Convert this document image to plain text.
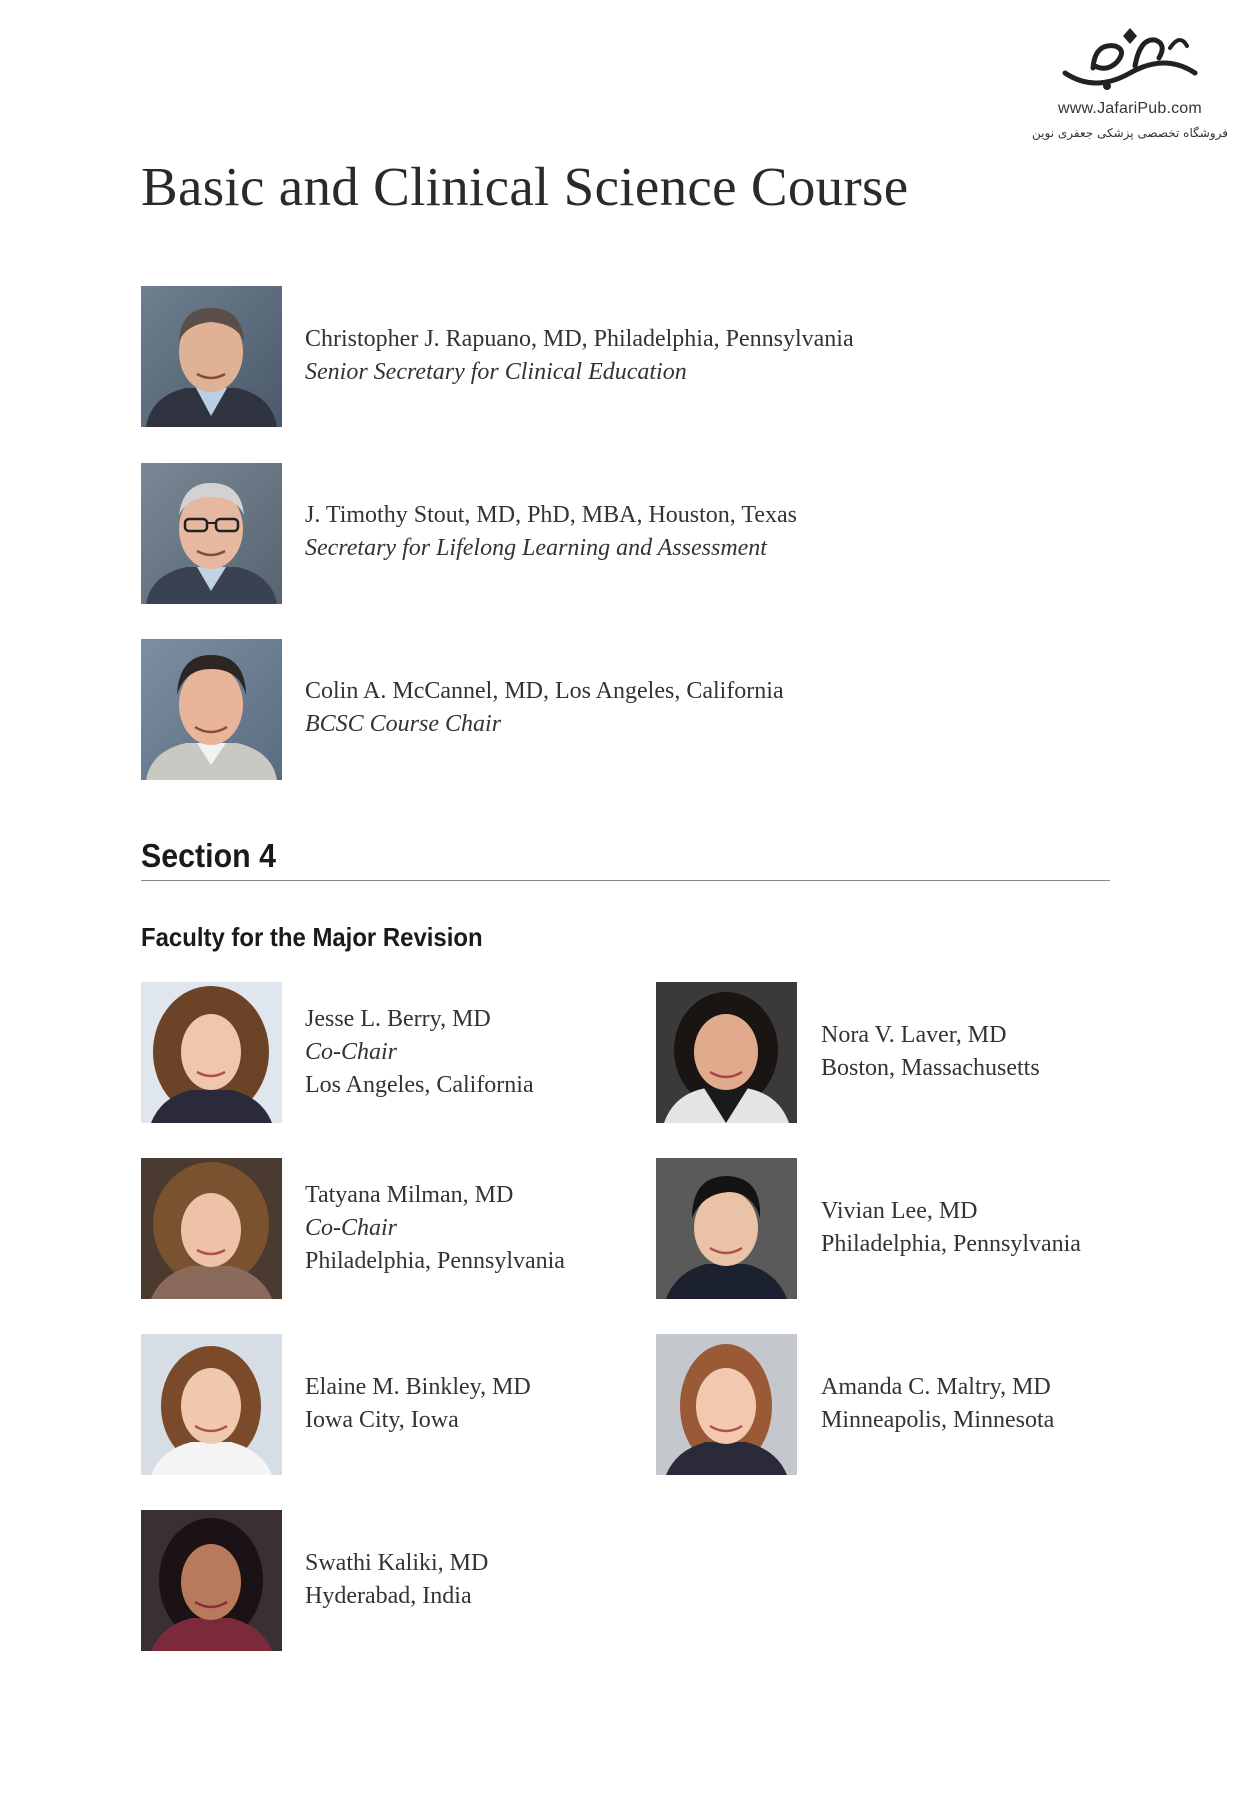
www.JafariPub.com
فروشگاه تخصصی پزشکی جعفری نوین
Basic and Clinical Science Course
Christopher J. Rapuano, MD, Philadelphia, Pennsylvania
Senior Secretary for Clinical Education
J. Timothy Stout, MD, PhD, MBA, Houston, Texas
Secretary for Lifelong Learning and Assessment
Colin A. McCannel, MD, Los Angeles, California
BCSC Course Chair
Section 4
Faculty for the Major Revision
Jesse L. Berry, MD
Co-Chair
Los Angeles, California
Nora V. Laver, MD
Boston, Massachusetts
Tatyana Milman, MD
Co-Chair
Philadelphia, Pennsylvania
Vivian Lee, MD
Philadelphia, Pennsylvania
Elaine M. Binkley, MD
Iowa City, Iowa
Amanda C. Maltry, MD
Minneapolis, Minnesota
Swathi Kaliki, MD
Hyderabad, India
